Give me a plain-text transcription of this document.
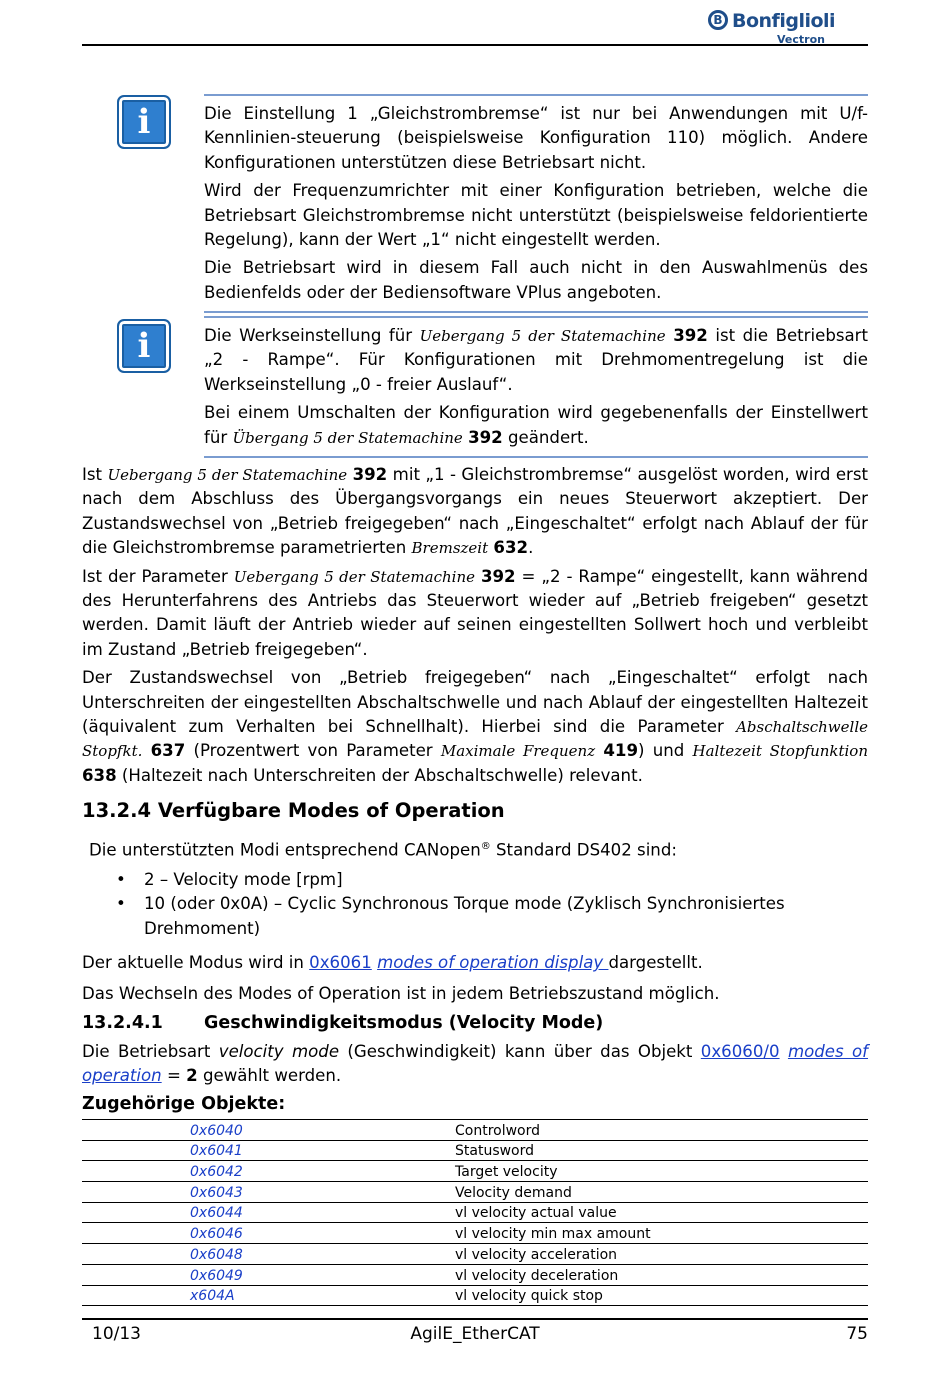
B Bonfiglioli
Vectron
i	Die Einstellung 1 „Gleichstrombremse“ ist nur bei Anwendungen mit U/f-Kennlinien-steuerung (beispielsweise Konfiguration 110) möglich. Andere Konfigurationen unterstützen diese Betriebsart nicht.

Wird der Frequenzumrichter mit einer Konfiguration betrieben, welche die Betriebsart Gleichstrombremse nicht unterstützt (beispielsweise feldorientierte Regelung), kann der Wert „1“ nicht eingestellt werden.

Die Betriebsart wird in diesem Fall auch nicht in den Auswahlmenüs des Bedienfelds oder der Bediensoftware VPlus angeboten.

i	Die Werkseinstellung für Uebergang 5 der Statemachine 392 ist die Betriebsart „2 - Rampe“. Für Konfigurationen mit Drehmomentregelung ist die Werkseinstellung „0 - freier Auslauf“.

Bei einem Umschalten der Konfiguration wird gegebenenfalls der Einstellwert für Übergang 5 der Statemachine 392 geändert.

Ist Uebergang 5 der Statemachine 392 mit „1 - Gleichstrombremse“ ausgelöst worden, wird erst nach dem Abschluss des Übergangsvorgangs ein neues Steuerwort akzeptiert. Der Zustandswechsel von „Betrieb freigegeben“ nach „Eingeschaltet“ erfolgt nach Ablauf der für die Gleichstrombremse parametrierten Bremszeit 632.

Ist der Parameter Uebergang 5 der Statemachine 392 = „2 - Rampe“ eingestellt, kann während des Herunterfahrens des Antriebs das Steuerwort wieder auf „Betrieb freigeben“ gesetzt werden. Damit läuft der Antrieb wieder auf seinen eingestellten Sollwert hoch und verbleibt im Zustand „Betrieb freigegeben“.

Der Zustandswechsel von „Betrieb freigegeben“ nach „Eingeschaltet“ erfolgt nach Unterschreiten der eingestellten Abschaltschwelle und nach Ablauf der eingestellten Haltezeit (äquivalent zum Verhalten bei Schnellhalt). Hierbei sind die Parameter Abschaltschwelle Stopfkt. 637 (Prozentwert von Parameter Maximale Frequenz 419) und Haltezeit Stopfunktion 638 (Haltezeit nach Unterschreiten der Abschaltschwelle) relevant.

13.2.4 Verfügbare Modes of Operation

Die unterstützten Modi entsprechend CANopen® Standard DS402 sind:

• 2 – Velocity mode [rpm]
• 10 (oder 0x0A) – Cyclic Synchronous Torque mode (Zyklisch Synchronisiertes Drehmoment)

Der aktuelle Modus wird in 0x6061 modes of operation display dargestellt.

Das Wechseln des Modes of Operation ist in jedem Betriebszustand möglich.

13.2.4.1 Geschwindigkeitsmodus (Velocity Mode)

Die Betriebsart velocity mode (Geschwindigkeit) kann über das Objekt 0x6060/0 modes of operation = 2 gewählt werden.

Zugehörige Objekte:
0x6040	Controlword
0x6041	Statusword
0x6042	Target velocity
0x6043	Velocity demand
0x6044	vl velocity actual value
0x6046	vl velocity min max amount
0x6048	vl velocity acceleration
0x6049	vl velocity deceleration
x604A	vl velocity quick stop
10/13	AgilE_EtherCAT	75
